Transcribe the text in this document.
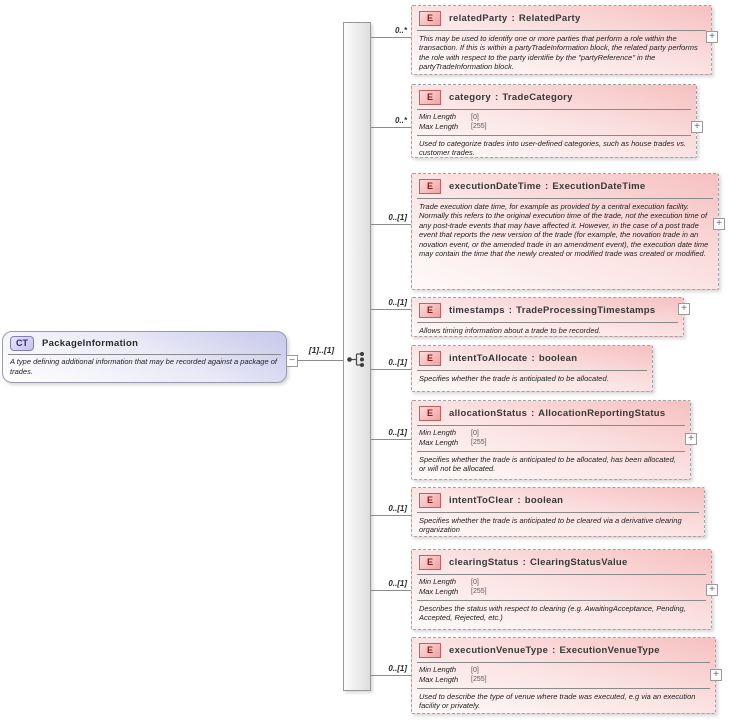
CT	PackageInformation
A type defining additional information that may be recorded against a package of trades.
−
[1]..[1]
0..*
E	relatedParty : RelatedParty
This may be used to identify one or more parties that perform a role within the transaction. If this is within a partyTradeInformation block, the related party performs the role with respect to the party identifie by the "partyReference" in the partyTradeInformation block.
+
0..*
E	category : TradeCategory
Min Length	[0]
Max Length	[255]
Used to categorize trades into user-defined categories, such as house trades vs. customer trades.
+
0..[1]
E	executionDateTime : ExecutionDateTime
Trade execution date time, for example as provided by a central execution facility. Normally this refers to the original execution time of the trade, not the execution time of any post-trade events that may have affected it. However, in the case of a post trade event that reports the new version of the trade (for example, the novation trade in an novation event, or the amended trade in an amendment event), the execution date time may contain the time that the newly created or modified trade was created or modified.
+
0..[1]
E	timestamps : TradeProcessingTimestamps
Allows timing information about a trade to be recorded.
+
0..[1]	E	intentToAllocate : boolean
Specifies whether the trade is anticipated to be allocated.
0..[1]
E	allocationStatus : AllocationReportingStatus
Min Length	[0]
Max Length	[255]
Specifies whether the trade is anticipated to be allocated, has been allocated, or will not be allocated.
+
0..[1]
E	intentToClear : boolean
Specifies whether the trade is anticipated to be cleared via a derivative clearing organization
0..[1]
E	clearingStatus : ClearingStatusValue
Min Length	[0]
Max Length	[255]
Describes the status with respect to clearing (e.g. AwaitingAcceptance, Pending, Accepted, Rejected, etc.)
+
0..[1]
E	executionVenueType : ExecutionVenueType
Min Length	[0]
Max Length	[255]
Used to describe the type of venue where trade was executed, e.g via an execution facility or privately.
+
